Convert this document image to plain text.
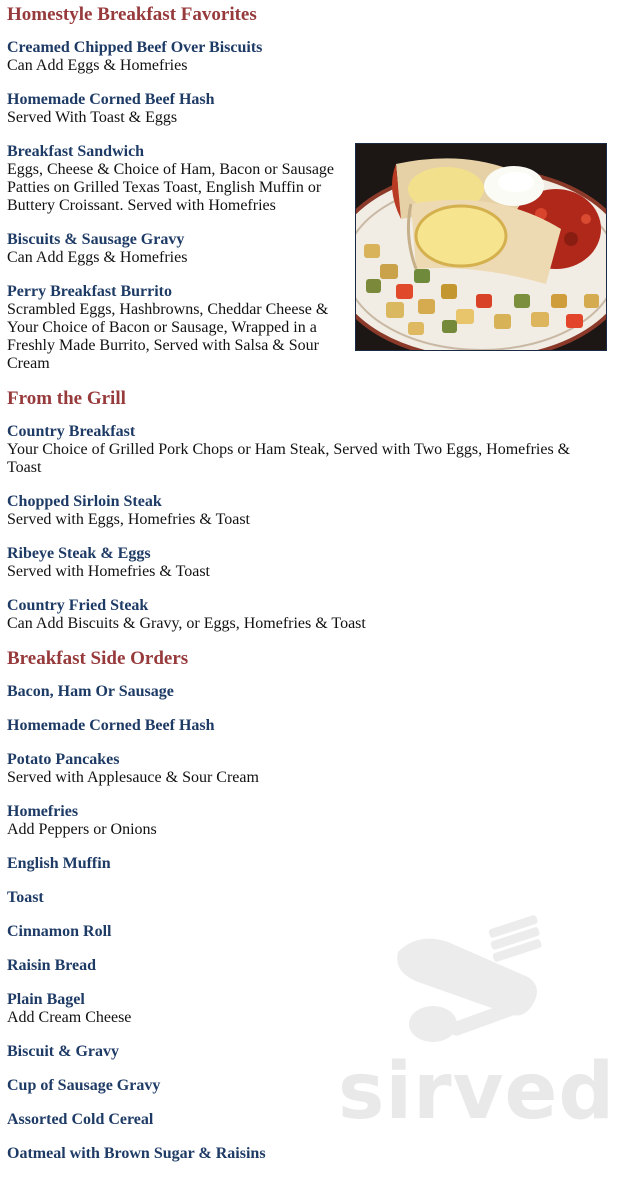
Homestyle Breakfast Favorites
Creamed Chipped Beef Over Biscuits
Can Add Eggs & Homefries
Homemade Corned Beef Hash
Served With Toast & Eggs
Breakfast Sandwich
Eggs, Cheese & Choice of Ham, Bacon or Sausage Patties on Grilled Texas Toast, English Muffin or Buttery Croissant. Served with Homefries
Biscuits & Sausage Gravy
Can Add Eggs & Homefries
Perry Breakfast Burrito
Scrambled Eggs, Hashbrowns, Cheddar Cheese & Your Choice of Bacon or Sausage, Wrapped in a Freshly Made Burrito, Served with Salsa & Sour Cream
From the Grill
Country Breakfast
Your Choice of Grilled Pork Chops or Ham Steak, Served with Two Eggs, Homefries & Toast
Chopped Sirloin Steak
Served with Eggs, Homefries & Toast
Ribeye Steak & Eggs
Served with Homefries & Toast
Country Fried Steak
Can Add Biscuits & Gravy, or Eggs, Homefries & Toast
Breakfast Side Orders
Bacon, Ham Or Sausage
Homemade Corned Beef Hash
Potato Pancakes
Served with Applesauce & Sour Cream
Homefries
Add Peppers or Onions
English Muffin
Toast
Cinnamon Roll
Raisin Bread
Plain Bagel
Add Cream Cheese
Biscuit & Gravy
Cup of Sausage Gravy
Assorted Cold Cereal
Oatmeal with Brown Sugar & Raisins
sirved
